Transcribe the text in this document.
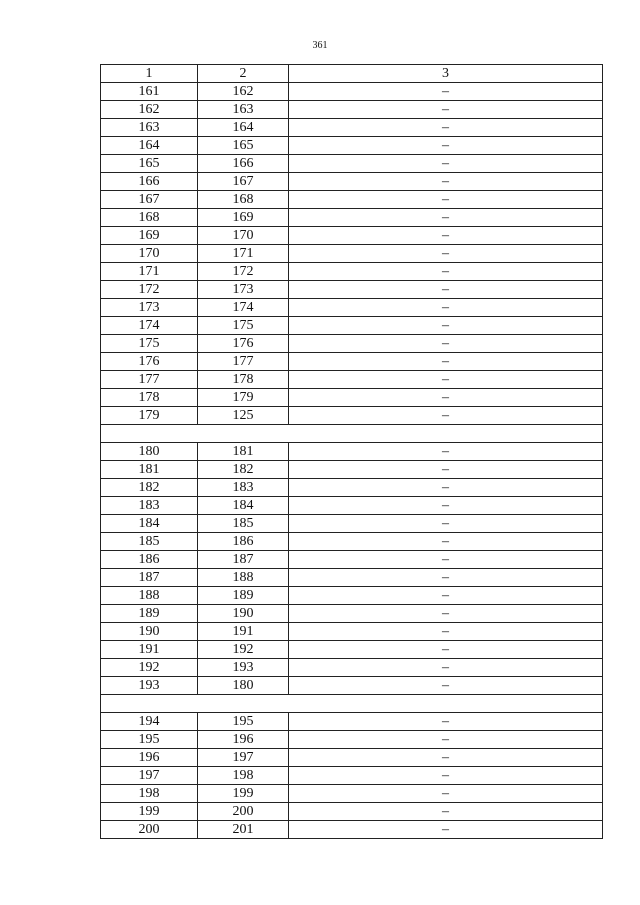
361
1	2	3
161	162	–
162	163	–
163	164	–
164	165	–
165	166	–
166	167	–
167	168	–
168	169	–
169	170	–
170	171	–
171	172	–
172	173	–
173	174	–
174	175	–
175	176	–
176	177	–
177	178	–
178	179	–
179	125	–

180	181	–
181	182	–
182	183	–
183	184	–
184	185	–
185	186	–
186	187	–
187	188	–
188	189	–
189	190	–
190	191	–
191	192	–
192	193	–
193	180	–

194	195	–
195	196	–
196	197	–
197	198	–
198	199	–
199	200	–
200	201	–
